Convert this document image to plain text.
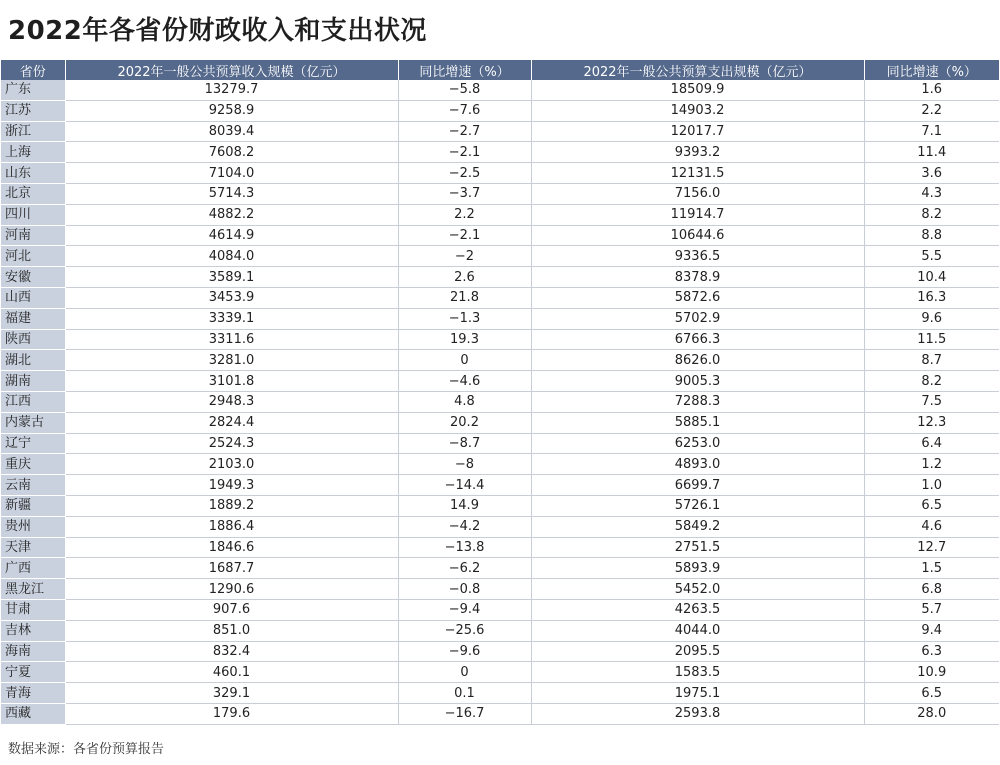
2022年各省份财政收入和支出状况
省份	2022年一般公共预算收入规模（亿元）	同比增速（%）	2022年一般公共预算支出规模（亿元）	同比增速（%）
广东	13279.7	−5.8	18509.9	1.6
江苏	9258.9	−7.6	14903.2	2.2
浙江	8039.4	−2.7	12017.7	7.1
上海	7608.2	−2.1	9393.2	11.4
山东	7104.0	−2.5	12131.5	3.6
北京	5714.3	−3.7	7156.0	4.3
四川	4882.2	2.2	11914.7	8.2
河南	4614.9	−2.1	10644.6	8.8
河北	4084.0	−2	9336.5	5.5
安徽	3589.1	2.6	8378.9	10.4
山西	3453.9	21.8	5872.6	16.3
福建	3339.1	−1.3	5702.9	9.6
陕西	3311.6	19.3	6766.3	11.5
湖北	3281.0	0	8626.0	8.7
湖南	3101.8	−4.6	9005.3	8.2
江西	2948.3	4.8	7288.3	7.5
内蒙古	2824.4	20.2	5885.1	12.3
辽宁	2524.3	−8.7	6253.0	6.4
重庆	2103.0	−8	4893.0	1.2
云南	1949.3	−14.4	6699.7	1.0
新疆	1889.2	14.9	5726.1	6.5
贵州	1886.4	−4.2	5849.2	4.6
天津	1846.6	−13.8	2751.5	12.7
广西	1687.7	−6.2	5893.9	1.5
黑龙江	1290.6	−0.8	5452.0	6.8
甘肃	907.6	−9.4	4263.5	5.7
吉林	851.0	−25.6	4044.0	9.4
海南	832.4	−9.6	2095.5	6.3
宁夏	460.1	0	1583.5	10.9
青海	329.1	0.1	1975.1	6.5
西藏	179.6	−16.7	2593.8	28.0
数据来源：各省份预算报告
